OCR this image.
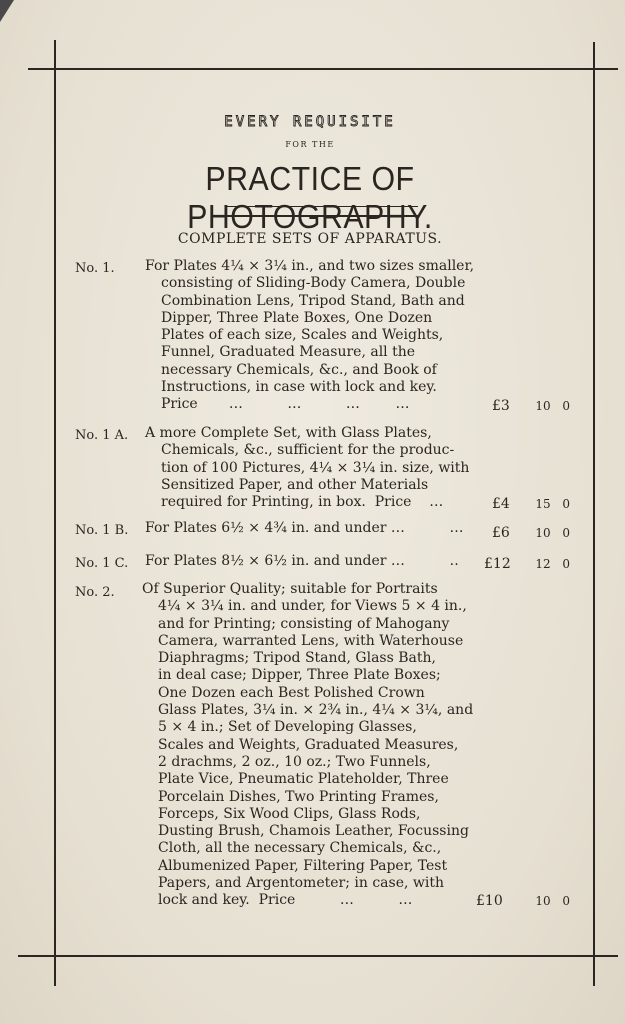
EVERY REQUISITE
FOR THE
PRACTICE OF PHOTOGRAPHY.
COMPLETE SETS OF APPARATUS.
No. 1. For Plates 4¼ × 3¼ in., and two sizes smaller,
consisting of Sliding-Body Camera, Double
Combination Lens, Tripod Stand, Bath and
Dipper, Three Plate Boxes, One Dozen
Plates of each size, Scales and Weights,
Funnel, Graduated Measure, all the
necessary Chemicals, &c., and Book of
Instructions, in case with lock and key.
Price       …          …          …        …	£3 10 0
No. 1 A. A more Complete Set, with Glass Plates,
Chemicals, &c., sufficient for the produc-
tion of 100 Pictures, 4¼ × 3¼ in. size, with
Sensitized Paper, and other Materials
required for Printing, in box.  Price    …	£4 15 0
No. 1 B. For Plates 6½ × 4¾ in. and under …          … £6 10 0
No. 1 C. For Plates 8½ × 6½ in. and under …          ‥ £12 12 0
No. 2. Of Superior Quality; suitable for Portraits
4¼ × 3¼ in. and under, for Views 5 × 4 in.,
and for Printing; consisting of Mahogany
Camera, warranted Lens, with Waterhouse
Diaphragms; Tripod Stand, Glass Bath,
in deal case; Dipper, Three Plate Boxes;
One Dozen each Best Polished Crown
Glass Plates, 3¼ in. × 2¾ in., 4¼ × 3¼, and
5 × 4 in.; Set of Developing Glasses,
Scales and Weights, Graduated Measures,
2 drachms, 2 oz., 10 oz.; Two Funnels,
Plate Vice, Pneumatic Plateholder, Three
Porcelain Dishes, Two Printing Frames,
Forceps, Six Wood Clips, Glass Rods,
Dusting Brush, Chamois Leather, Focussing
Cloth, all the necessary Chemicals, &c.,
Albumenized Paper, Filtering Paper, Test
Papers, and Argentometer; in case, with
lock and key.  Price          …          …	£10	10 0
